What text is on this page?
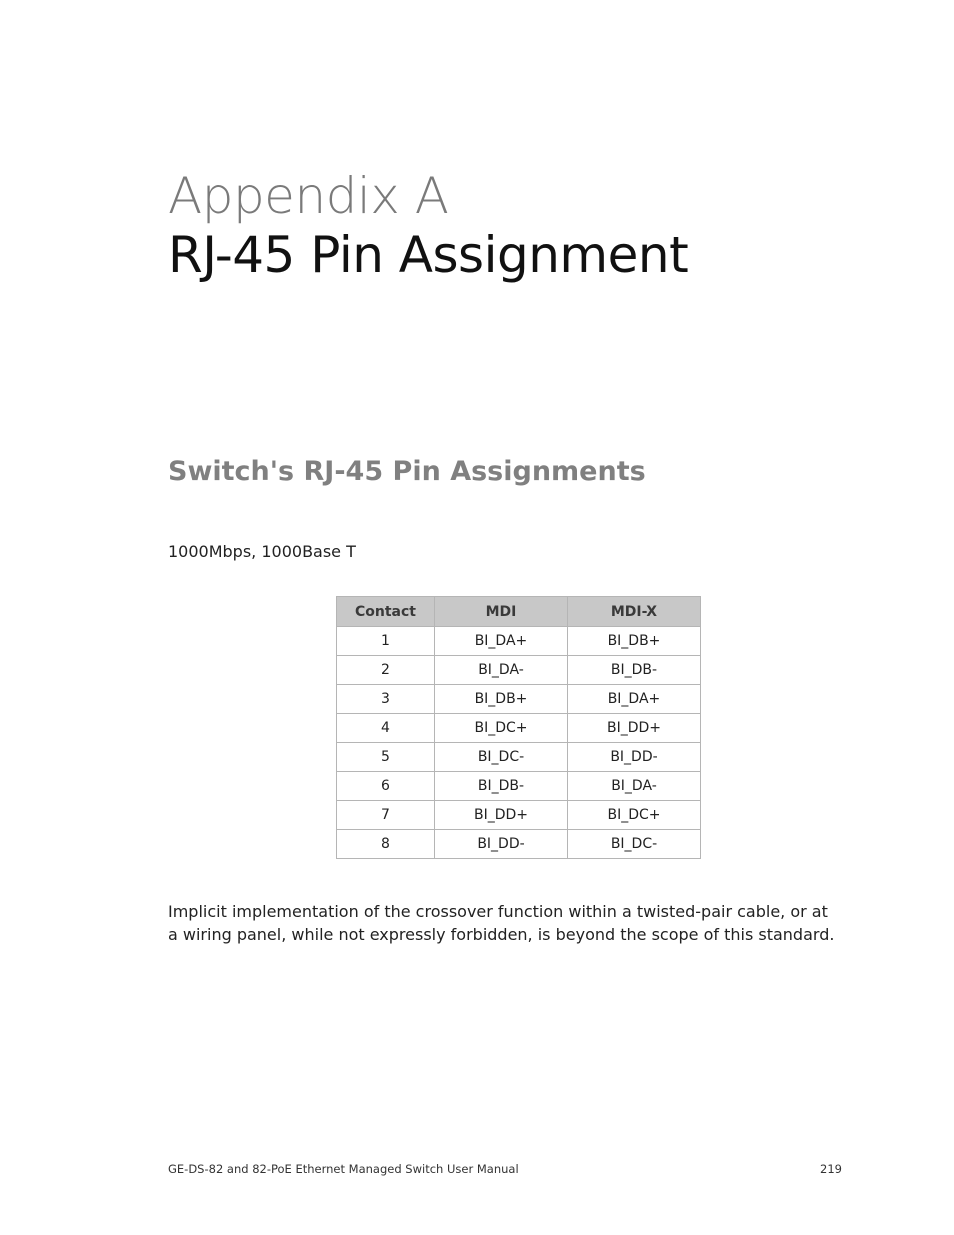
Appendix A
RJ-45 Pin Assignment
Switch's RJ-45 Pin Assignments
1000Mbps, 1000Base T
Contact	MDI	MDI-X
1	BI_DA+	BI_DB+
2	BI_DA-	BI_DB-
3	BI_DB+	BI_DA+
4	BI_DC+	BI_DD+
5	BI_DC-	BI_DD-
6	BI_DB-	BI_DA-
7	BI_DD+	BI_DC+
8	BI_DD-	BI_DC-

Implicit implementation of the crossover function within a twisted-pair cable, or at a wiring panel, while not expressly forbidden, is beyond the scope of this standard.

GE-DS-82 and 82-PoE Ethernet Managed Switch User Manual	219
